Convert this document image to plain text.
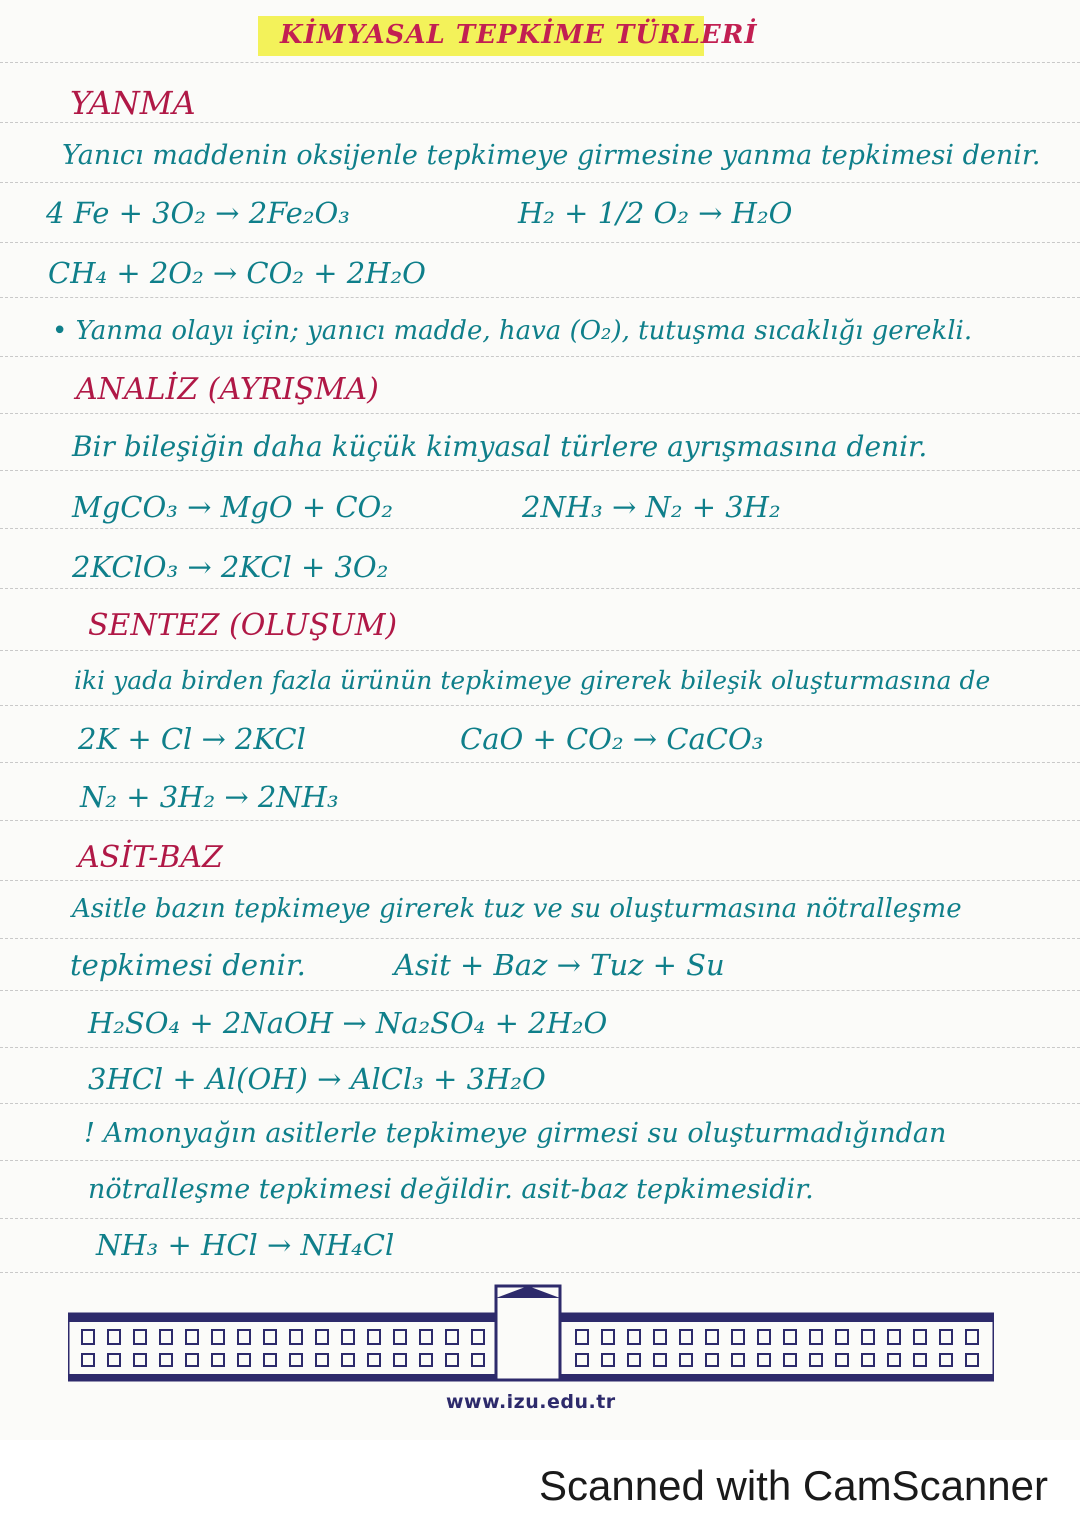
KİMYASAL TEPKİME TÜRLERİ
YANMA
Yanıcı maddenin oksijenle tepkimeye girmesine yanma tepkimesi denir.
4 Fe + 3O₂ → 2Fe₂O₃	H₂ + 1/2 O₂ → H₂O
CH₄ + 2O₂ → CO₂ + 2H₂O
• Yanma olayı için; yanıcı madde, hava (O₂), tutuşma sıcaklığı gerekli.
ANALİZ (AYRIŞMA)
Bir bileşiğin daha küçük kimyasal türlere ayrışmasına denir.
MgCO₃ → MgO + CO₂	2NH₃ → N₂ + 3H₂
2KClO₃ → 2KCl + 3O₂
SENTEZ (OLUŞUM)
iki yada birden fazla ürünün tepkimeye girerek bileşik oluşturmasına de
2K + Cl → 2KCl	CaO + CO₂ → CaCO₃
N₂ + 3H₂ → 2NH₃
ASİT-BAZ
Asitle bazın tepkimeye girerek tuz ve su oluşturmasına nötralleşme
tepkimesi denir.	Asit + Baz → Tuz + Su
H₂SO₄ + 2NaOH → Na₂SO₄ + 2H₂O
3HCl + Al(OH) → AlCl₃ + 3H₂O
! Amonyağın asitlerle tepkimeye girmesi su oluşturmadığından
nötralleşme tepkimesi değildir. asit-baz tepkimesidir.
NH₃ + HCl → NH₄Cl
www.izu.edu.tr
Scanned with CamScanner
